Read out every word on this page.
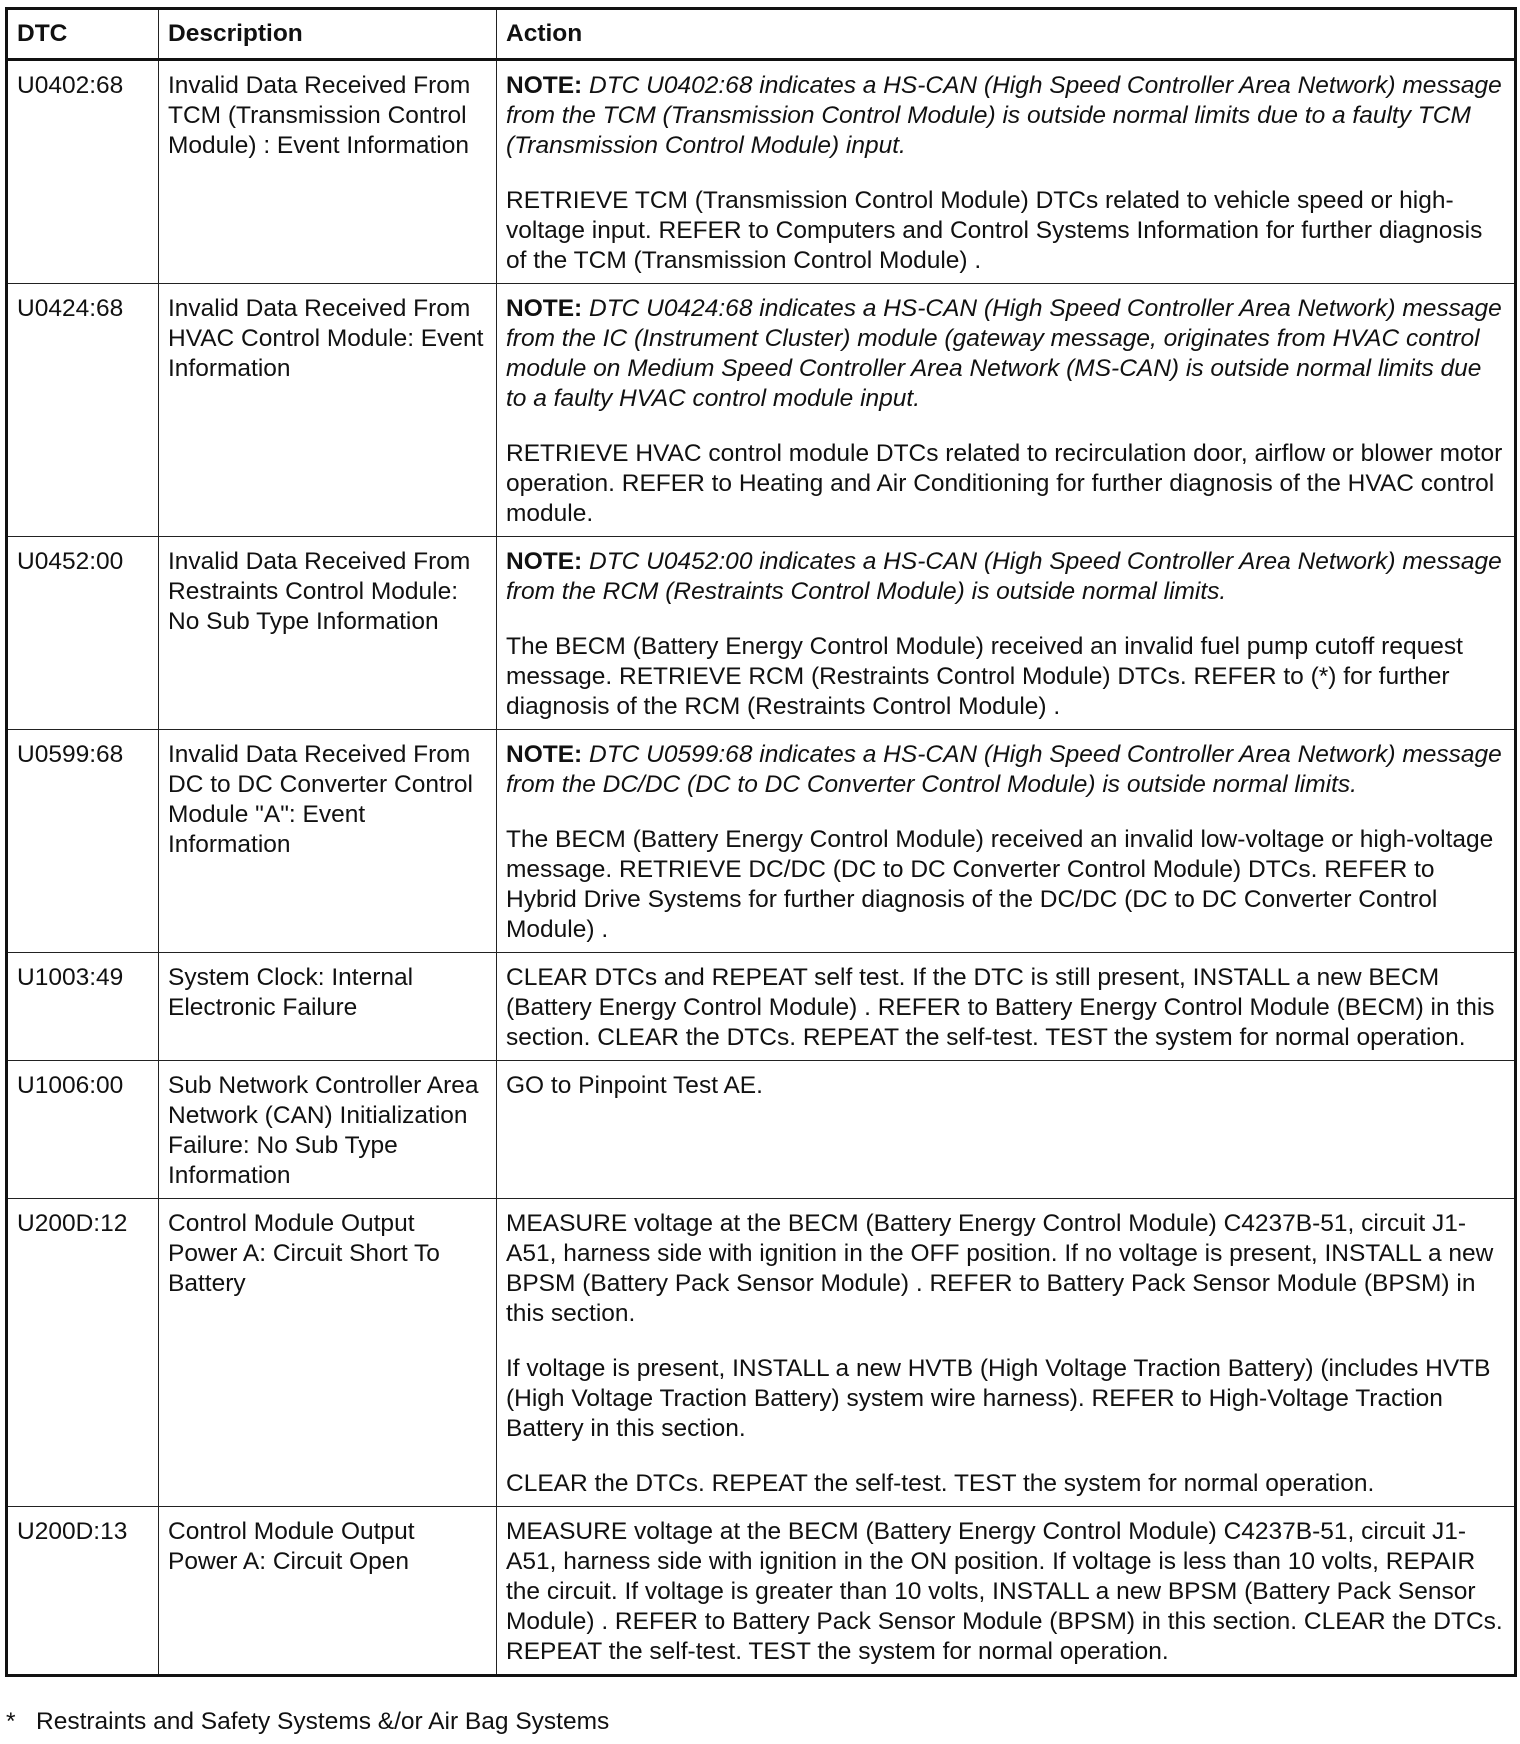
DTC	Description	Action
U0402:68	Invalid Data Received From TCM (Transmission Control Module) : Event Information	NOTE: DTC U0402:68 indicates a HS-CAN (High Speed Controller Area Network) message from the TCM (Transmission Control Module) is outside normal limits due to a faulty TCM (Transmission Control Module) input.
RETRIEVE TCM (Transmission Control Module) DTCs related to vehicle speed or high-voltage input. REFER to Computers and Control Systems Information for further diagnosis of the TCM (Transmission Control Module) .

U0424:68	Invalid Data Received From HVAC Control Module: Event Information	NOTE: DTC U0424:68 indicates a HS-CAN (High Speed Controller Area Network) message from the IC (Instrument Cluster) module (gateway message, originates from HVAC control module on Medium Speed Controller Area Network (MS-CAN) is outside normal limits due to a faulty HVAC control module input.
RETRIEVE HVAC control module DTCs related to recirculation door, airflow or blower motor operation. REFER to Heating and Air Conditioning for further diagnosis of the HVAC control module.

U0452:00	Invalid Data Received From Restraints Control Module: No Sub Type Information	NOTE: DTC U0452:00 indicates a HS-CAN (High Speed Controller Area Network) message from the RCM (Restraints Control Module) is outside normal limits.
The BECM (Battery Energy Control Module) received an invalid fuel pump cutoff request message. RETRIEVE RCM (Restraints Control Module) DTCs. REFER to (*) for further diagnosis of the RCM (Restraints Control Module) .

U0599:68	Invalid Data Received From DC to DC Converter Control Module "A": Event Information	NOTE: DTC U0599:68 indicates a HS-CAN (High Speed Controller Area Network) message from the DC/DC (DC to DC Converter Control Module) is outside normal limits.
The BECM (Battery Energy Control Module) received an invalid low-voltage or high-voltage message. RETRIEVE DC/DC (DC to DC Converter Control Module) DTCs. REFER to Hybrid Drive Systems for further diagnosis of the DC/DC (DC to DC Converter Control Module) .

U1003:49	System Clock: Internal Electronic Failure	CLEAR DTCs and REPEAT self test. If the DTC is still present, INSTALL a new BECM (Battery Energy Control Module) . REFER to Battery Energy Control Module (BECM) in this section. CLEAR the DTCs. REPEAT the self-test. TEST the system for normal operation.

U1006:00	Sub Network Controller Area Network (CAN) Initialization Failure: No Sub Type Information	GO to Pinpoint Test AE.

U200D:12	Control Module Output Power A: Circuit Short To Battery	MEASURE voltage at the BECM (Battery Energy Control Module) C4237B-51, circuit J1-A51, harness side with ignition in the OFF position. If no voltage is present, INSTALL a new BPSM (Battery Pack Sensor Module) . REFER to Battery Pack Sensor Module (BPSM) in this section.
If voltage is present, INSTALL a new HVTB (High Voltage Traction Battery) (includes HVTB (High Voltage Traction Battery) system wire harness). REFER to High-Voltage Traction Battery in this section.
CLEAR the DTCs. REPEAT the self-test. TEST the system for normal operation.

U200D:13	Control Module Output Power A: Circuit Open	MEASURE voltage at the BECM (Battery Energy Control Module) C4237B-51, circuit J1-A51, harness side with ignition in the ON position. If voltage is less than 10 volts, REPAIR the circuit. If voltage is greater than 10 volts, INSTALL a new BPSM (Battery Pack Sensor Module) . REFER to Battery Pack Sensor Module (BPSM) in this section. CLEAR the DTCs. REPEAT the self-test. TEST the system for normal operation.
* Restraints and Safety Systems &/or Air Bag Systems
